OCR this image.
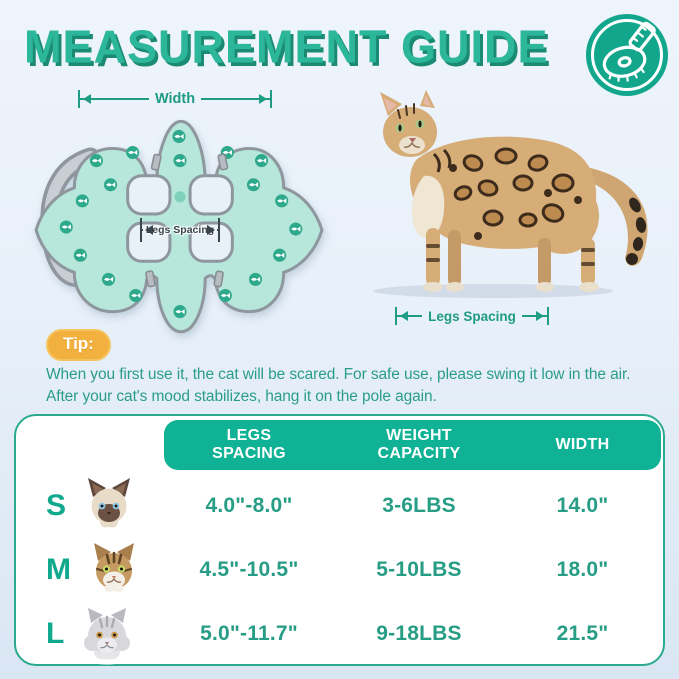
MEASUREMENT GUIDE
Width
Legs Spacing
Legs Spacing
Tip:
When you first use it, the cat will be scared. For safe use, please swing it low in the air. After your cat's mood stabilizes, hang it on the pole again.
LEGS SPACING
WEIGHT CAPACITY
WIDTH
S	4.0"-8.0"	3-6LBS	14.0"
M	4.5"-10.5"	5-10LBS	18.0"
L	5.0"-11.7"	9-18LBS	21.5"
